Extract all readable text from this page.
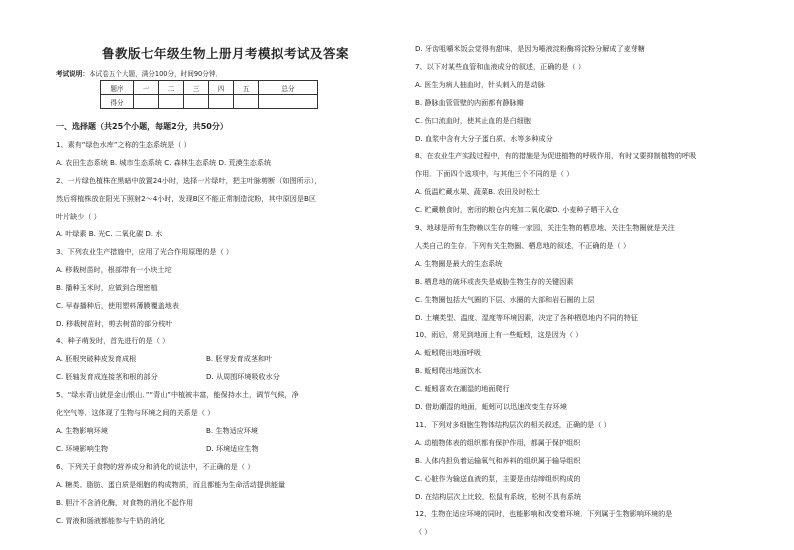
鲁教版七年级生物上册月考模拟考试及答案
考试说明：本试卷五个大题，满分100分，时间90分钟．
题序	一	二	三	四	五	总分
得分						
一、选择题（共25个小题，每题2分，共50分）
1、素有“绿色水库”之称的生态系统是（ ）
A. 农田生态系统 B. 城市生态系统 C. 森林生态系统 D. 荒漠生态系统
2、一片绿色植株在黑暗中放置24小时，选择一片绿叶，把主叶脉剪断（如图所示），
然后将植株放在阳光下照射2～4小时，发现B区不能正常制造淀粉，其中原因是B区
叶片缺少（ ）
A. 叶绿素 B. 光C. 二氧化碳 D. 水
3、下列农业生产措施中，应用了光合作用原理的是（ ）
A. 移栽树苗时，根部带有一小块土坨
B. 播种玉米时，应做到合理密植
C. 早春播种后，使用塑料薄膜覆盖地表
D. 移栽树苗时，剪去树苗的部分枝叶
4、种子萌发时，首先进行的是（ ）
A. 胚根突破种皮发育成根	B. 胚芽发育成茎和叶
C. 胚轴发育成连接茎和根的部分	D. 从周围环境吸收水分
5、“绿水青山就是金山银山．”“青山”中植被丰富，能保持水土，调节气候，净
化空气等．这体现了生物与环境之间的关系是（ ）
A. 生物影响环境	B. 生物适应环境
C. 环境影响生物	D. 环境适应生物
6、下列关于食物的营养成分和消化的说法中，不正确的是（ ）
A. 糖类、脂肪、蛋白质是细胞的构成物质，而且都能为生命活动提供能量
B. 胆汁不含消化酶，对食物的消化不起作用
C. 胃液和肠液都能参与牛奶的消化
D. 牙齿咀嚼米饭会觉得有甜味，是因为唾液淀粉酶将淀粉分解成了麦芽糖
7、以下对某些血管和血液成分的叙述，正确的是（ ）
A. 医生为病人抽血时，针头刺入的是动脉
B. 静脉血管管壁的内面都有静脉瓣
C. 伤口流血时，使其止血的是白细胞
D. 血浆中含有大分子蛋白质、水等多种成分
8、在农业生产实践过程中，有的措施是为促进植物的呼吸作用，有时又要抑制植物的呼吸
作用．下面四个选项中，与其他三个不同的是（ ）
A. 低温贮藏水果、蔬菜B. 农田及时松土
C. 贮藏粮食时，密闭的粮仓内充加二氧化碳D. 小麦种子晒干入仓
9、地球是所有生物赖以生存的唯一家园，关注生物的栖息地、关注生物圈就是关注
人类自己的生存．下列有关生物圈、栖息地的叙述，不正确的是（ ）
A. 生物圈是最大的生态系统
B. 栖息地的破坏或丧失是威胁生物生存的关键因素
C. 生物圈包括大气圈的下层、水圈的大部和岩石圈的上层
D. 土壤类型、温度、湿度等环境因素，决定了各种栖息地内不同的特征
10、雨后，常见到地面上有一些蚯蚓，这是因为（ ）
A. 蚯蚓爬出地面呼吸
B. 蚯蚓爬出地面饮水
C. 蚯蚓喜欢在潮湿的地面爬行
D. 借助潮湿的地面，蚯蚓可以迅速改变生存环境
11、下列对多细胞生物体结构层次的相关叙述，正确的是（ ）
A. 动植物体表的组织都有保护作用，都属于保护组织
B. 人体内担负着运输氧气和养料的组织属于输导组织
C. 心脏作为输送血液的泵，主要是由结缔组织构成的
D. 在结构层次上比较，松鼠有系统，松树不具有系统
12、生物在适应环境的同时，也能影响和改变着环境．下列属于生物影响环境的是
（ ）
